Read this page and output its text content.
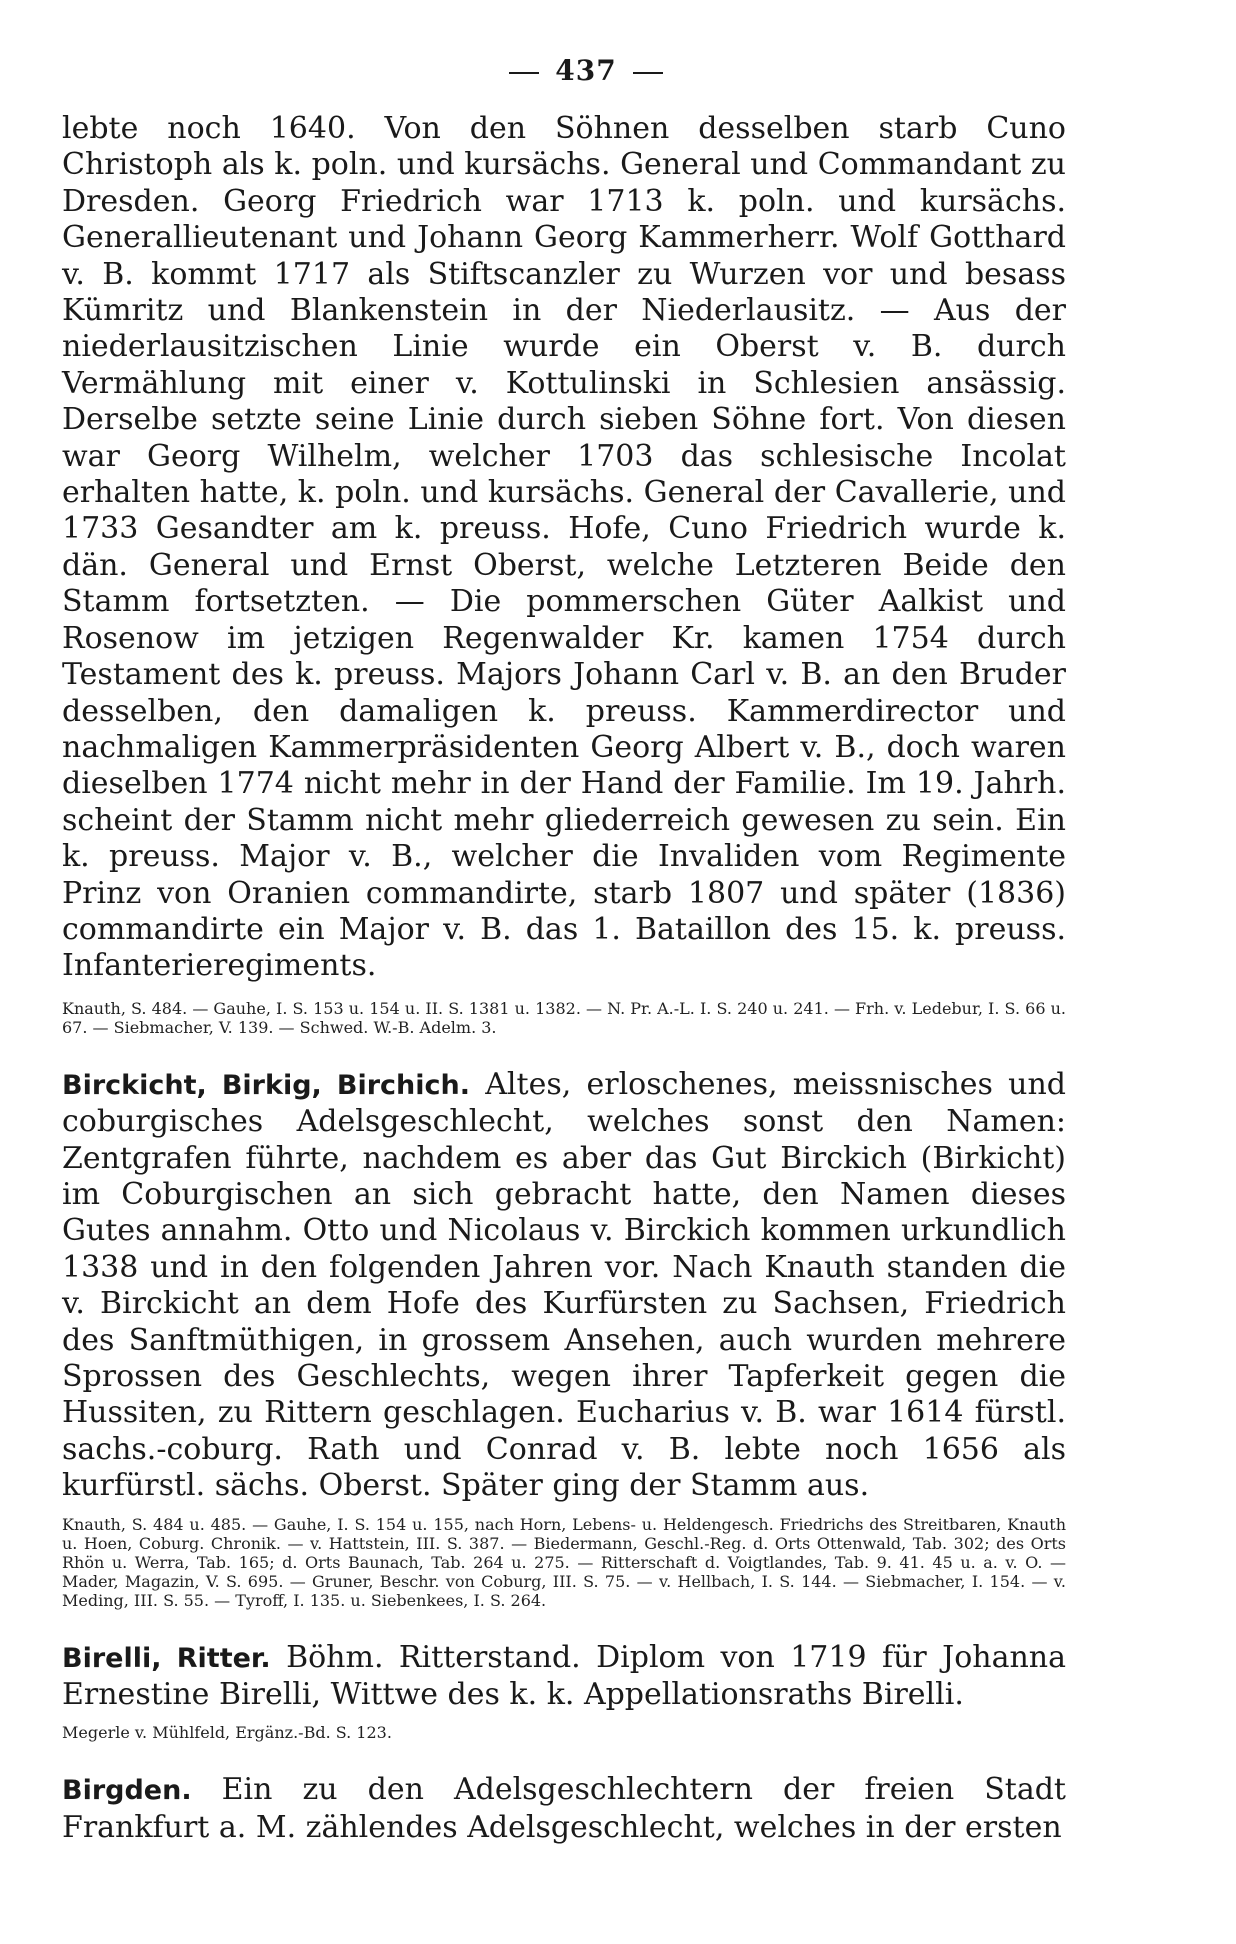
437

lebte noch 1640. Von den Söhnen desselben starb Cuno Christoph als k. poln. und kursächs. General und Commandant zu Dresden. Georg Friedrich war 1713 k. poln. und kursächs. Generallieutenant und Johann Georg Kammerherr. Wolf Gotthard v. B. kommt 1717 als Stiftscanzler zu Wurzen vor und besass Kümritz und Blankenstein in der Niederlausitz. — Aus der niederlausitzischen Linie wurde ein Oberst v. B. durch Vermählung mit einer v. Kottulinski in Schlesien ansässig. Derselbe setzte seine Linie durch sieben Söhne fort. Von diesen war Georg Wilhelm, welcher 1703 das schlesische Incolat erhalten hatte, k. poln. und kursächs. General der Cavallerie, und 1733 Gesandter am k. preuss. Hofe, Cuno Friedrich wurde k. dän. General und Ernst Oberst, welche Letzteren Beide den Stamm fortsetzten. — Die pommerschen Güter Aalkist und Rosenow im jetzigen Regenwalder Kr. kamen 1754 durch Testament des k. preuss. Majors Johann Carl v. B. an den Bruder desselben, den damaligen k. preuss. Kammerdirector und nachmaligen Kammerpräsidenten Georg Albert v. B., doch waren dieselben 1774 nicht mehr in der Hand der Familie. Im 19. Jahrh. scheint der Stamm nicht mehr gliederreich gewesen zu sein. Ein k. preuss. Major v. B., welcher die Invaliden vom Regimente Prinz von Oranien commandirte, starb 1807 und später (1836) commandirte ein Major v. B. das 1. Bataillon des 15. k. preuss. Infanterieregiments.

Knauth, S. 484. — Gauhe, I. S. 153 u. 154 u. II. S. 1381 u. 1382. — N. Pr. A.-L. I. S. 240 u. 241. — Frh. v. Ledebur, I. S. 66 u. 67. — Siebmacher, V. 139. — Schwed. W.-B. Adelm. 3.

Birckicht, Birkig, Birchich. Altes, erloschenes, meissnisches und coburgisches Adelsgeschlecht, welches sonst den Namen: Zentgrafen führte, nachdem es aber das Gut Birckich (Birkicht) im Coburgischen an sich gebracht hatte, den Namen dieses Gutes annahm. Otto und Nicolaus v. Birckich kommen urkundlich 1338 und in den folgenden Jahren vor. Nach Knauth standen die v. Birckicht an dem Hofe des Kurfürsten zu Sachsen, Friedrich des Sanftmüthigen, in grossem Ansehen, auch wurden mehrere Sprossen des Geschlechts, wegen ihrer Tapferkeit gegen die Hussiten, zu Rittern geschlagen. Eucharius v. B. war 1614 fürstl. sachs.-coburg. Rath und Conrad v. B. lebte noch 1656 als kurfürstl. sächs. Oberst. Später ging der Stamm aus.

Knauth, S. 484 u. 485. — Gauhe, I. S. 154 u. 155, nach Horn, Lebens- u. Heldengesch. Friedrichs des Streitbaren, Knauth u. Hoen, Coburg. Chronik. — v. Hattstein, III. S. 387. — Biedermann, Geschl.-Reg. d. Orts Ottenwald, Tab. 302; des Orts Rhön u. Werra, Tab. 165; d. Orts Baunach, Tab. 264 u. 275. — Ritterschaft d. Voigtlandes, Tab. 9. 41. 45 u. a. v. O. — Mader, Magazin, V. S. 695. — Gruner, Beschr. von Coburg, III. S. 75. — v. Hellbach, I. S. 144. — Siebmacher, I. 154. — v. Meding, III. S. 55. — Tyroff, I. 135. u. Siebenkees, I. S. 264.

Birelli, Ritter. Böhm. Ritterstand. Diplom von 1719 für Johanna Ernestine Birelli, Wittwe des k. k. Appellationsraths Birelli.

Megerle v. Mühlfeld, Ergänz.-Bd. S. 123.

Birgden. Ein zu den Adelsgeschlechtern der freien Stadt Frankfurt a. M. zählendes Adelsgeschlecht, welches in der ersten
